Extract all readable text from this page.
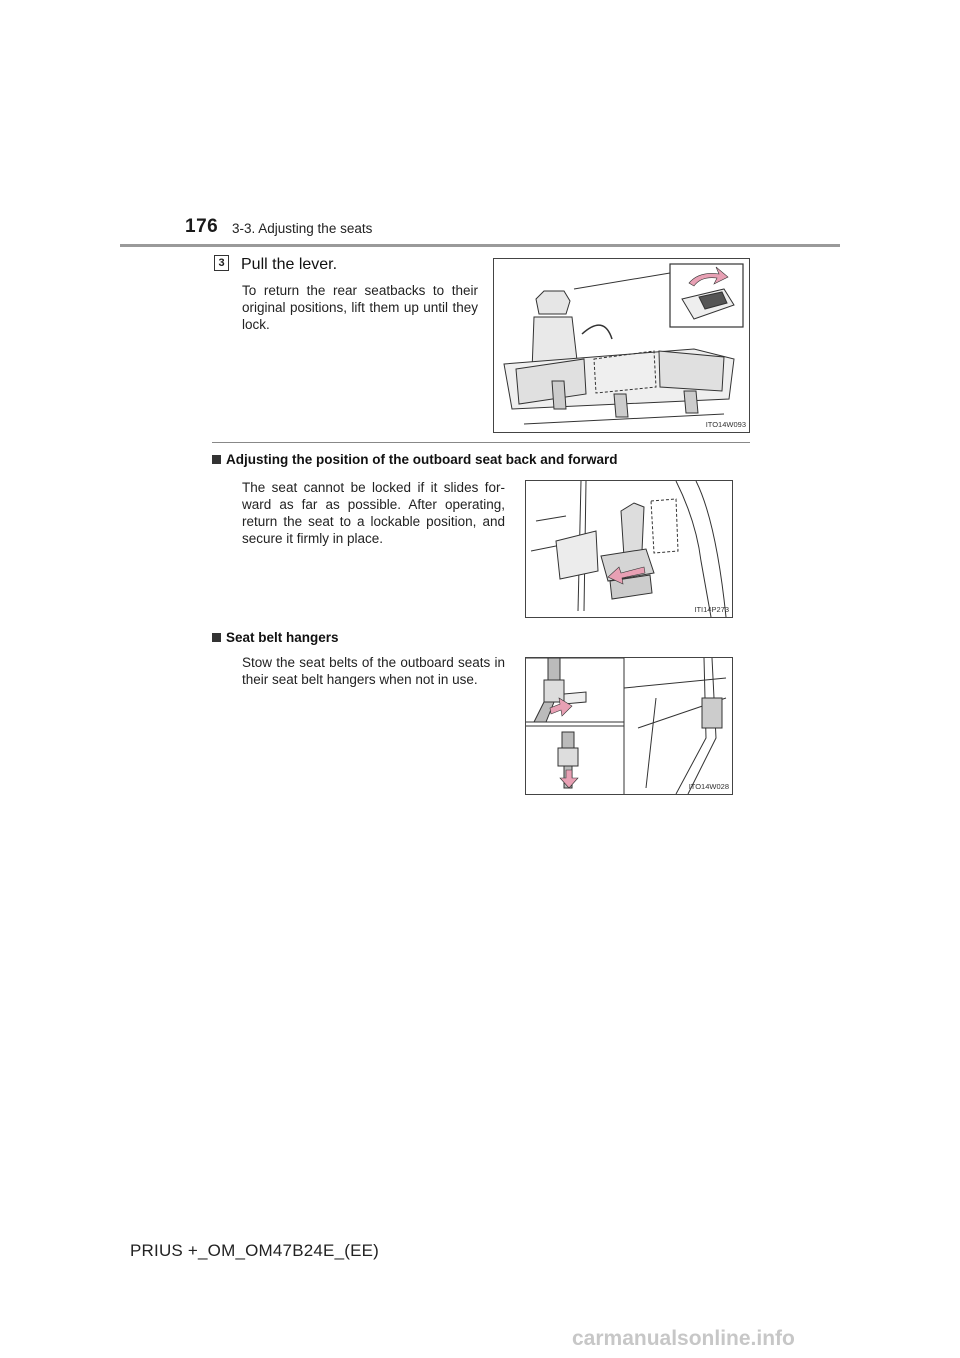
176 3-3. Adjusting the seats
3 Pull the lever.
To return the rear seatbacks to their original positions, lift them up until they lock.
ITO14W093
Adjusting the position of the outboard seat back and forward
The seat cannot be locked if it slides for-ward as far as possible. After operating, return the seat to a lockable position, and secure it firmly in place.
ITI14P273
Seat belt hangers
Stow the seat belts of the outboard seats in their seat belt hangers when not in use.
ITO14W028
PRIUS +_OM_OM47B24E_(EE)
carmanualsonline.info
